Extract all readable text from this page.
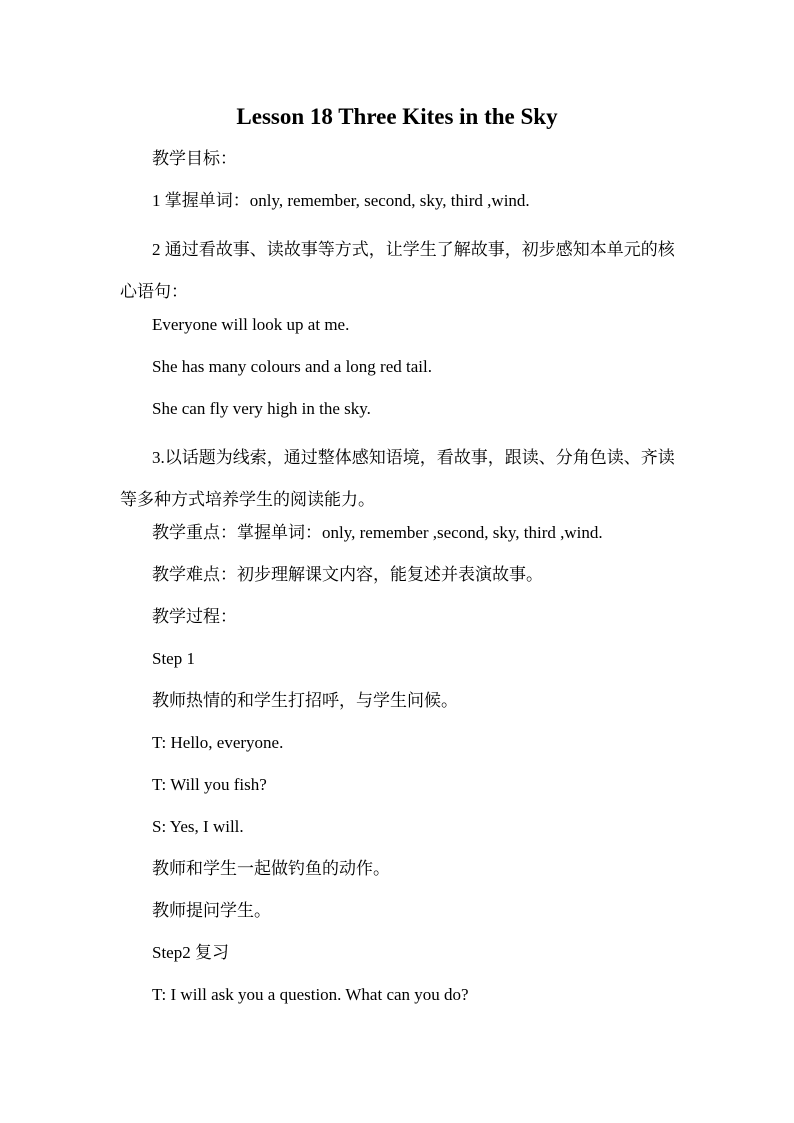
Lesson 18 Three Kites in the Sky

教学目标：

1 掌握单词：only, remember, second, sky, third ,wind.

2 通过看故事、读故事等方式，让学生了解故事，初步感知本单元的核心语句：

Everyone will look up at me.

She has many colours and a long red tail.

She can fly very high in the sky.

3.以话题为线索，通过整体感知语境，看故事，跟读、分角色读、齐读等多种方式培养学生的阅读能力。

教学重点：掌握单词：only, remember ,second, sky, third ,wind.

教学难点：初步理解课文内容，能复述并表演故事。

教学过程：

Step 1

教师热情的和学生打招呼，与学生问候。

T: Hello, everyone.

T: Will you fish?

S: Yes, I will.

教师和学生一起做钓鱼的动作。

教师提问学生。

Step2 复习

T: I will ask you a question. What can you do?
